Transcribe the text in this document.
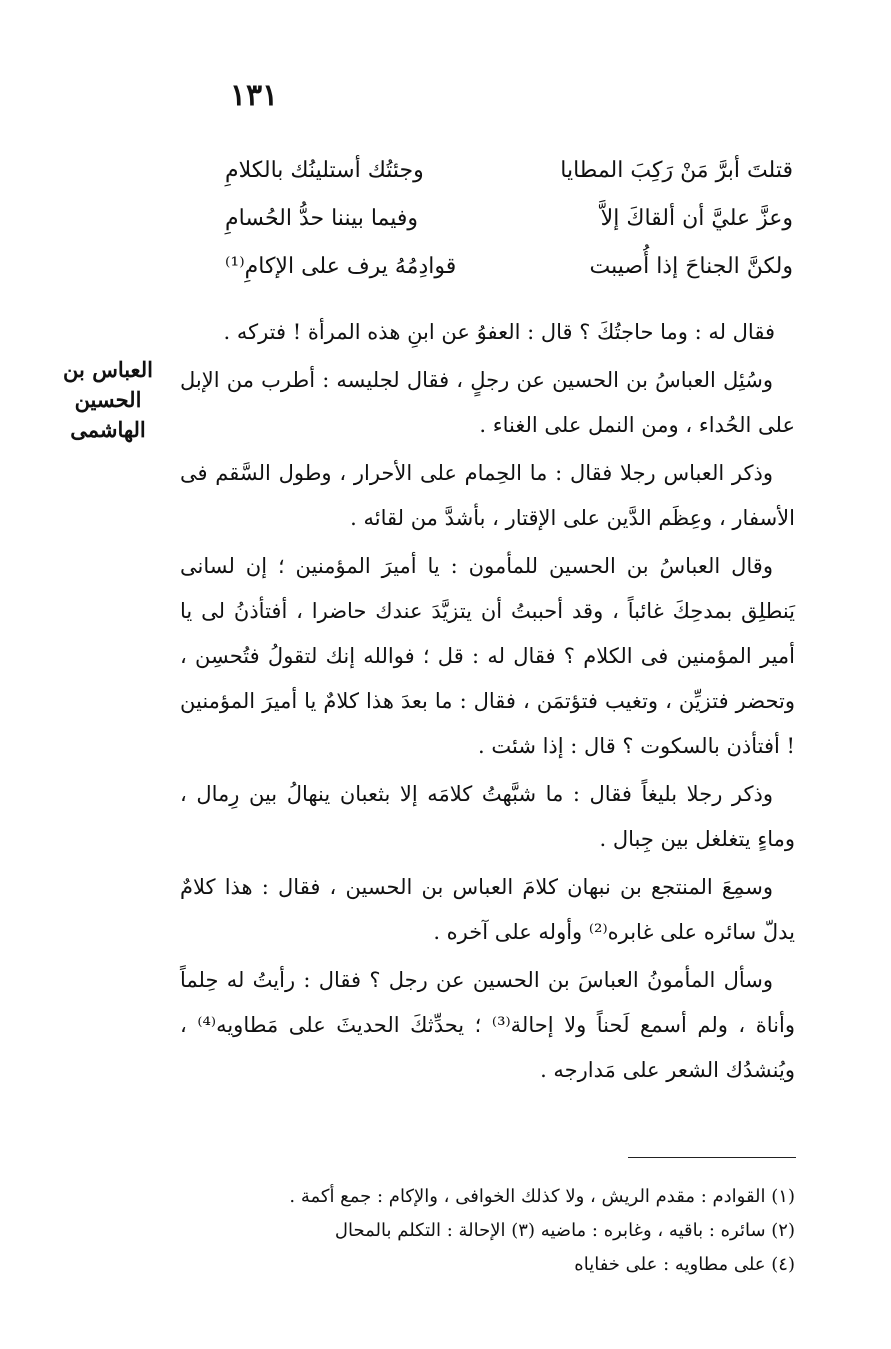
١٣١
قتلتَ أبرَّ مَنْ رَكِبَ المطايا
وجئتُك أستلينُك بالكلامِ
وعزَّ عليَّ أن ألقاكَ إلاَّ
وفيما بيننا حدُّ الحُسامِ
ولكنَّ الجناحَ إذا أُصيبت
قوادِمُهُ يرف على الإكامِ⁽¹⁾
العباس بن
الحسين
الهاشمى

فقال له : وما حاجتُكَ ؟ قال : العفوُ عن ابنِ هذه المرأة ! فتركه .

وسُئِل العباسُ بن الحسين عن رجلٍ ، فقال لجليسه : أطرب من الإبل على الحُداء ، ومن النمل على الغناء .

وذكر العباس رجلا فقال : ما الحِمام على الأحرار ، وطول السَّقم فى الأسفار ، وعِظَم الدَّين على الإقتار ، بأشدَّ من لقائه .

وقال العباسُ بن الحسين للمأمون : يا أميرَ المؤمنين ؛ إن لسانى يَنطلِق بمدحِكَ غائباً ، وقد أحببتُ أن يتزيَّدَ عندك حاضرا ، أفتأذنُ لى يا أمير المؤمنين فى الكلام ؟ فقال له : قل ؛ فوالله إنك لتقولُ فتُحسِن ، وتحضر فتزيِّن ، وتغيب فتؤتمَن ، فقال : ما بعدَ هذا كلامٌ يا أميرَ المؤمنين ! أفتأذن بالسكوت ؟ قال : إذا شئت .

وذكر رجلا بليغاً فقال : ما شبَّهتُ كلامَه إلا بثعبان ينهالُ بين رِمال ، وماءٍ يتغلغل بين جِبال .

وسمِعَ المنتجع بن نبهان كلامَ العباس بن الحسين ، فقال : هذا كلامٌ يدلّ سائره على غابره⁽²⁾ وأوله على آخره .

وسأل المأمونُ العباسَ بن الحسين عن رجل ؟ فقال : رأيتُ له حِلماً وأناة ، ولم أسمع لَحناً ولا إحالة⁽³⁾ ؛ يحدِّثكَ الحديثَ على مَطاويه⁽⁴⁾ ، ويُنشدُك الشعر على مَدارجه .

(١) القوادم : مقدم الريش ، ولا كذلك الخوافى ، والإكام : جمع أكمة .
(٢) سائره : باقيه ، وغابره : ماضيه (٣) الإحالة : التكلم بالمحال
(٤) على مطاويه : على خفاياه
